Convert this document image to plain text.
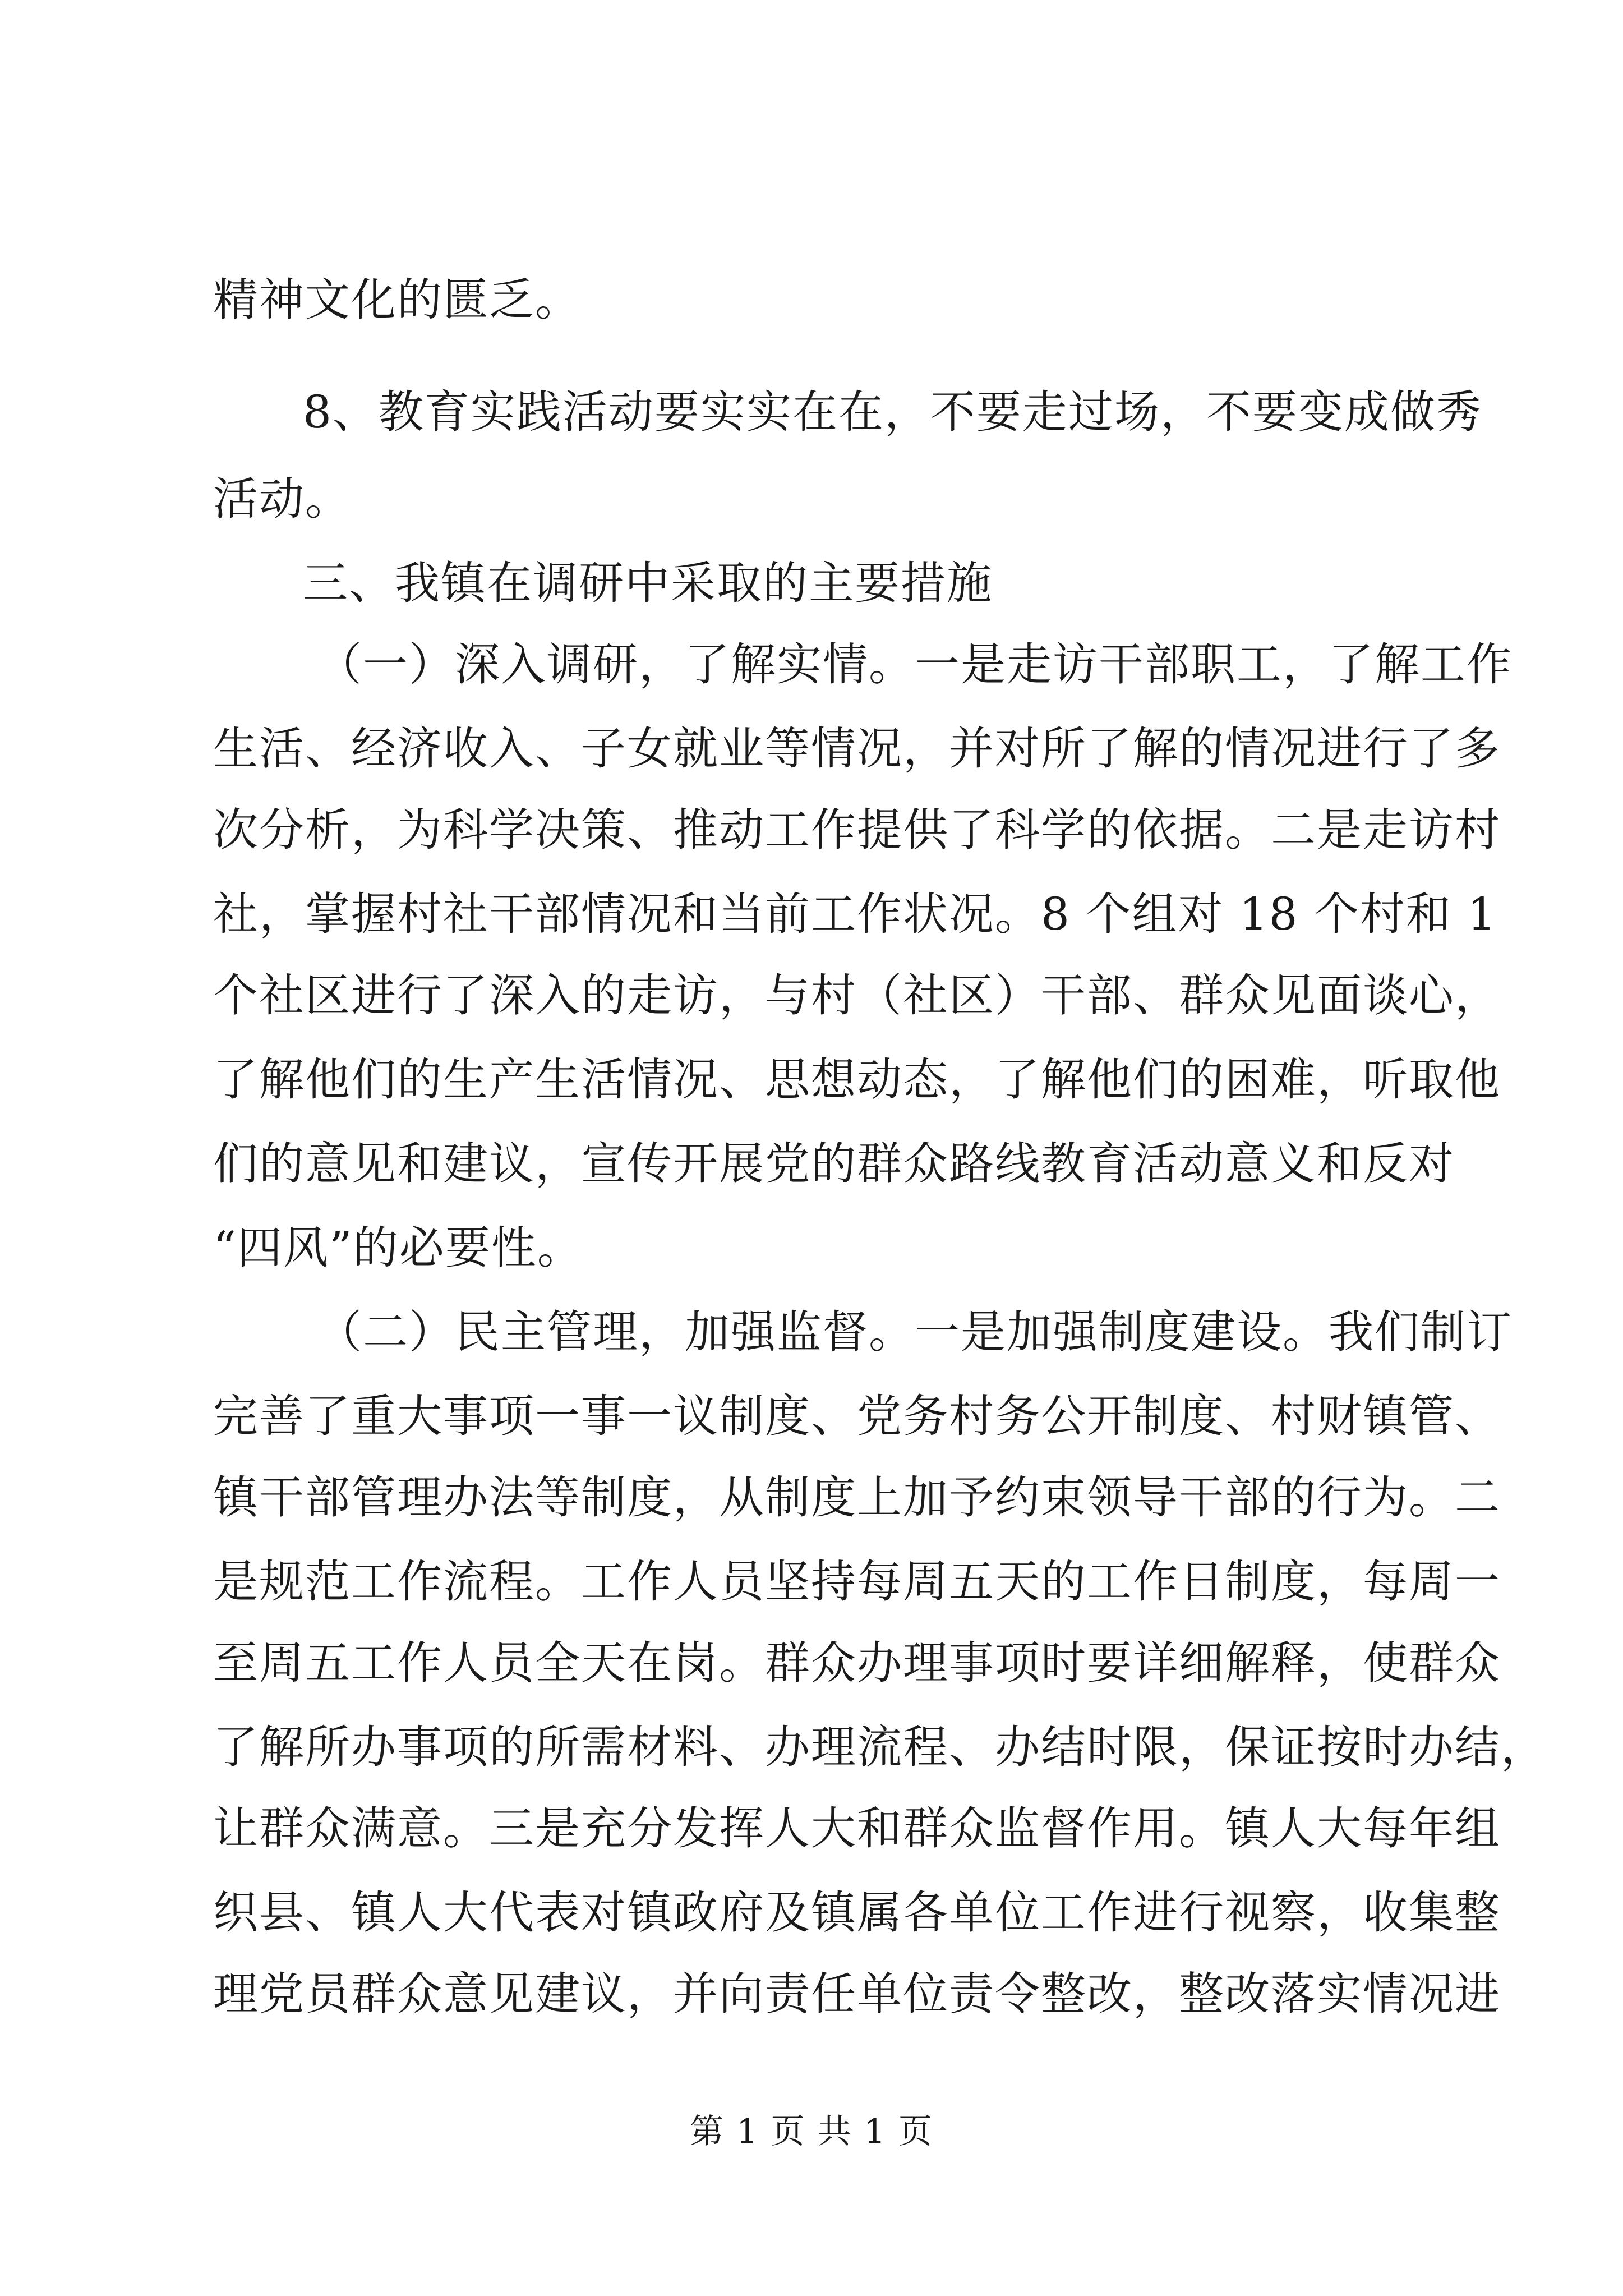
精神文化的匮乏。
8、教育实践活动要实实在在，不要走过场，不要变成做秀
活动。
三、我镇在调研中采取的主要措施
（一）深入调研，了解实情。一是走访干部职工，了解工作
生活、经济收入、子女就业等情况，并对所了解的情况进行了多
次分析，为科学决策、推动工作提供了科学的依据。二是走访村
社，掌握村社干部情况和当前工作状况。8 个组对 18 个村和 1
个社区进行了深入的走访，与村（社区）干部、群众见面谈心，
了解他们的生产生活情况、思想动态，了解他们的困难，听取他
们的意见和建议，宣传开展党的群众路线教育活动意义和反对
“四风”的必要性。
（二）民主管理，加强监督。一是加强制度建设。我们制订
完善了重大事项一事一议制度、党务村务公开制度、村财镇管、
镇干部管理办法等制度，从制度上加予约束领导干部的行为。二
是规范工作流程。工作人员坚持每周五天的工作日制度，每周一
至周五工作人员全天在岗。群众办理事项时要详细解释，使群众
了解所办事项的所需材料、办理流程、办结时限，保证按时办结，
让群众满意。三是充分发挥人大和群众监督作用。镇人大每年组
织县、镇人大代表对镇政府及镇属各单位工作进行视察，收集整
理党员群众意见建议，并向责任单位责令整改，整改落实情况进
第 1 页 共 1 页
